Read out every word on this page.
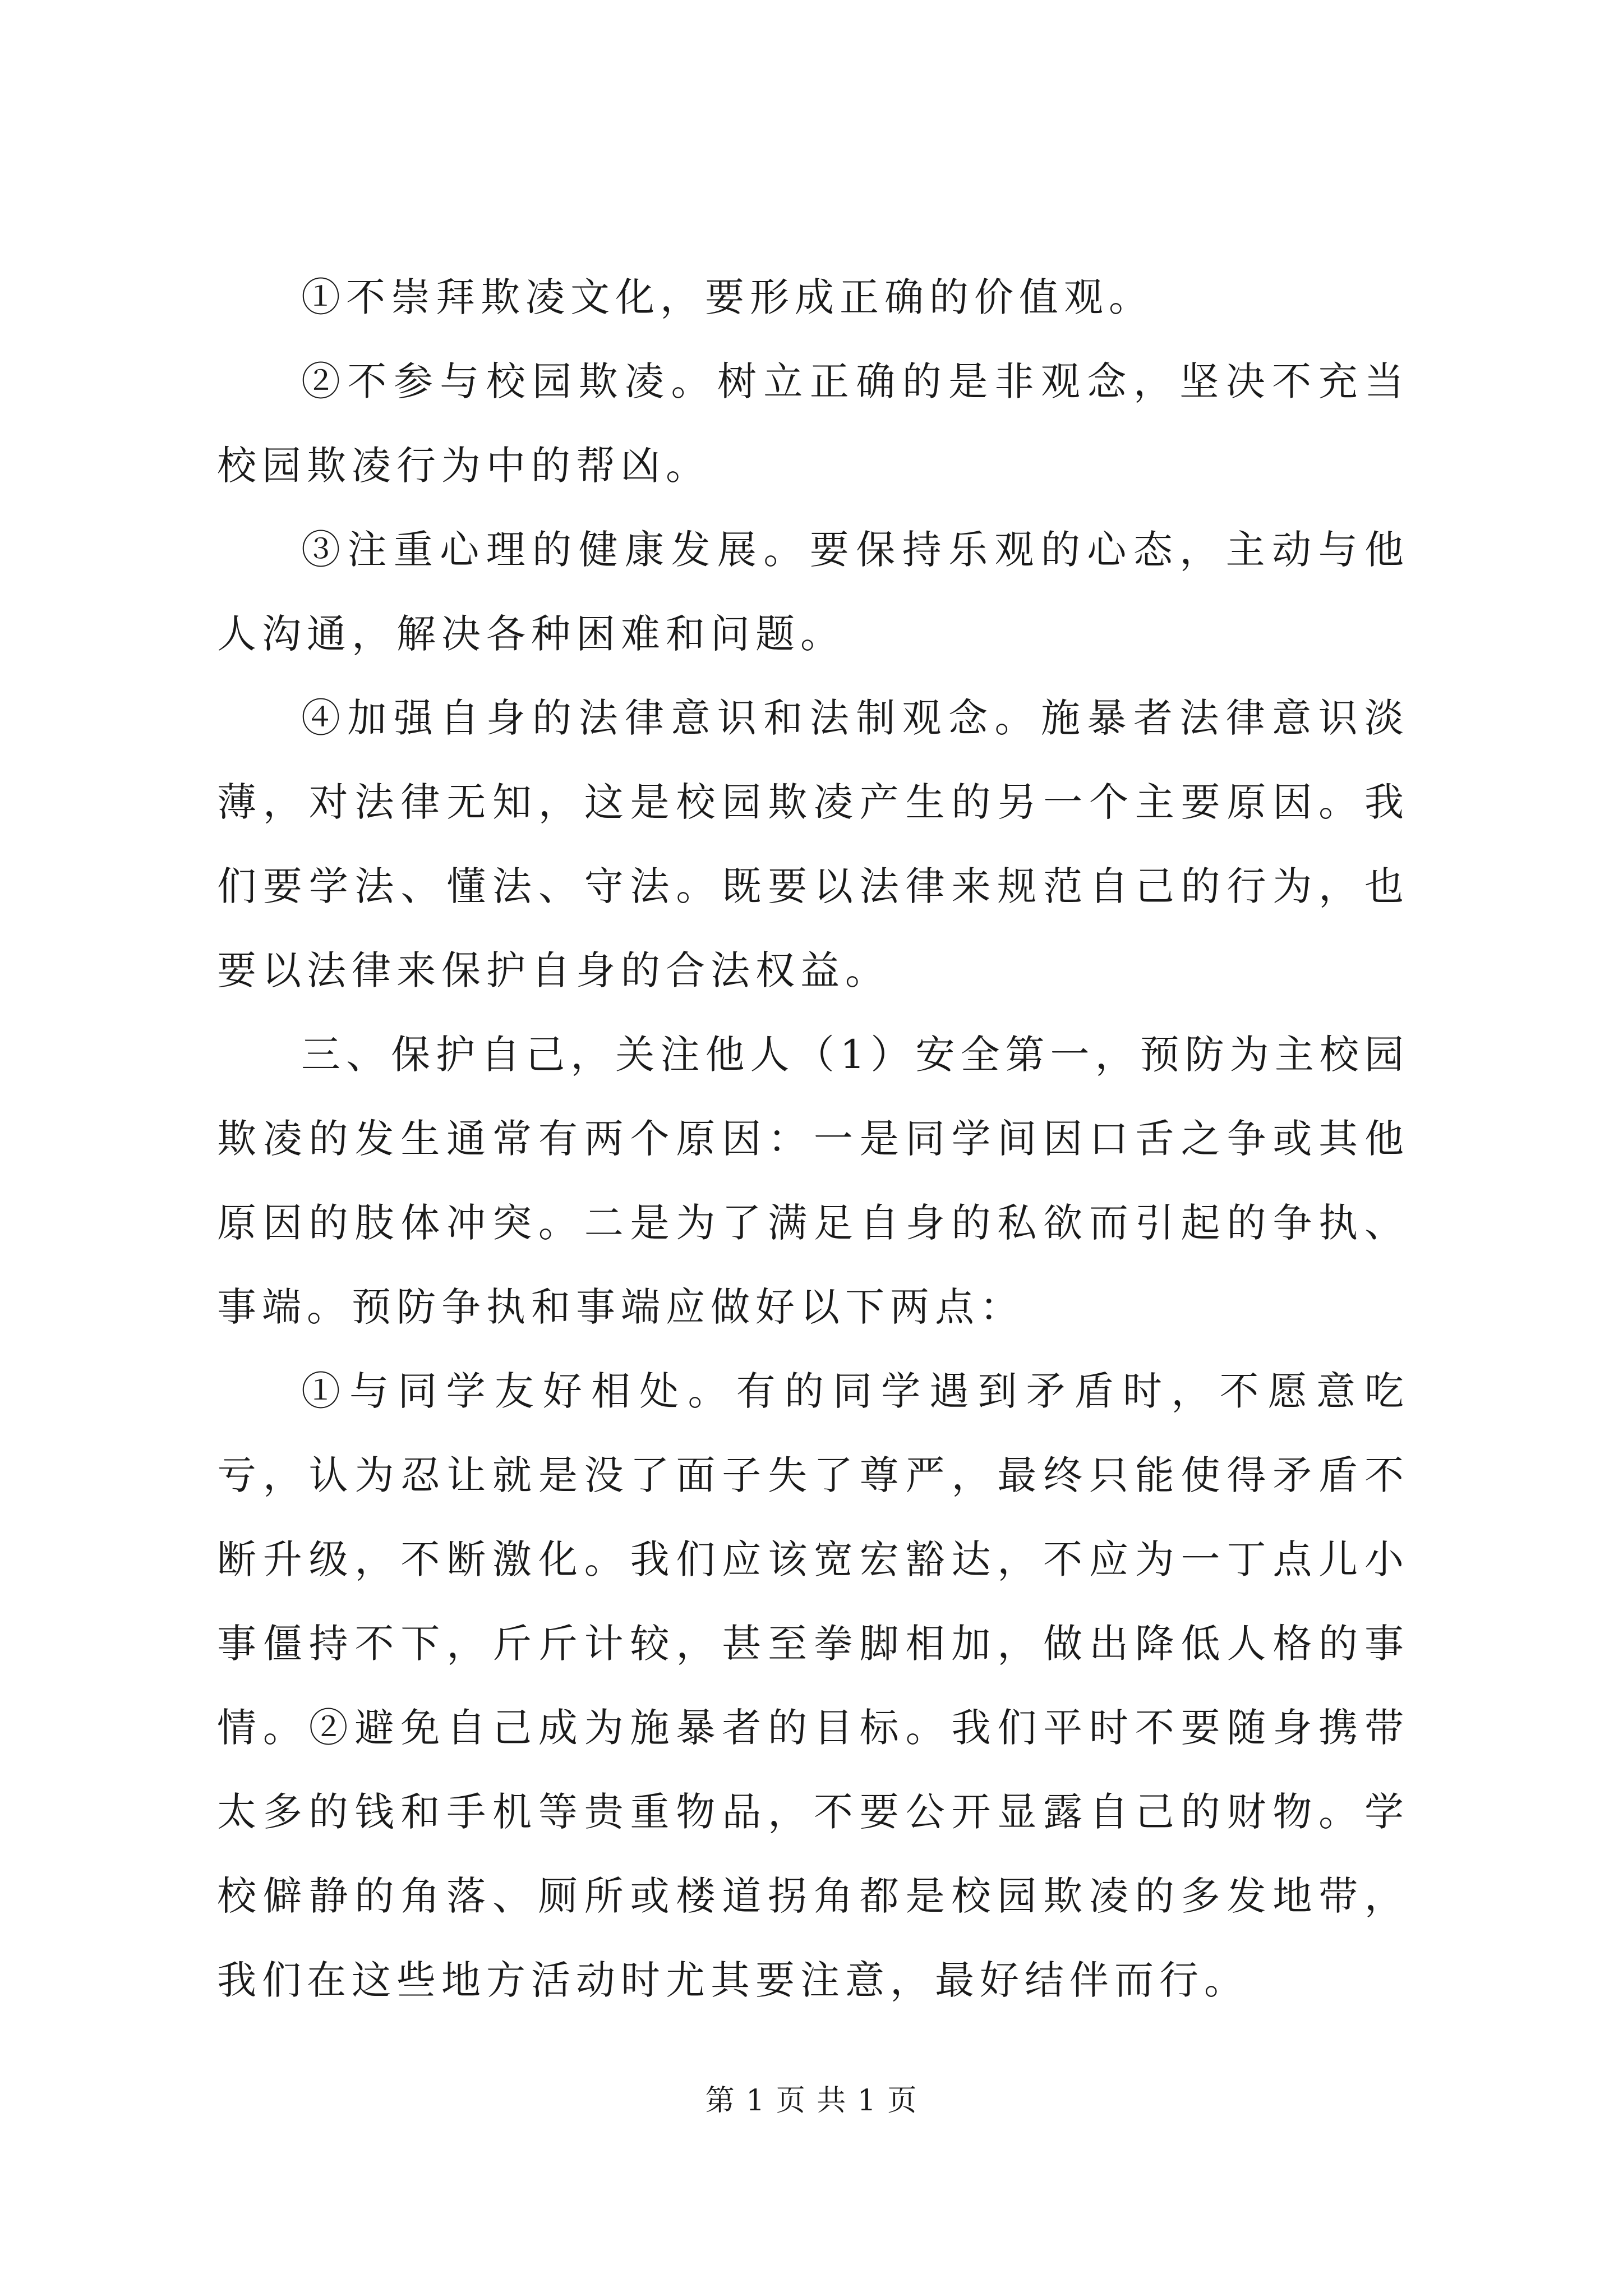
①不崇拜欺凌文化，要形成正确的价值观。

②不参与校园欺凌。树立正确的是非观念，坚决不充当校园欺凌行为中的帮凶。

③注重心理的健康发展。要保持乐观的心态，主动与他人沟通，解决各种困难和问题。

④加强自身的法律意识和法制观念。施暴者法律意识淡薄，对法律无知，这是校园欺凌产生的另一个主要原因。我们要学法、懂法、守法。既要以法律来规范自己的行为，也要以法律来保护自身的合法权益。

三、保护自己，关注他人（1）安全第一，预防为主校园欺凌的发生通常有两个原因：一是同学间因口舌之争或其他原因的肢体冲突。二是为了满足自身的私欲而引起的争执、事端。预防争执和事端应做好以下两点：

①与同学友好相处。有的同学遇到矛盾时，不愿意吃亏，认为忍让就是没了面子失了尊严，最终只能使得矛盾不断升级，不断激化。我们应该宽宏豁达，不应为一丁点儿小事僵持不下，斤斤计较，甚至拳脚相加，做出降低人格的事情。②避免自己成为施暴者的目标。我们平时不要随身携带太多的钱和手机等贵重物品，不要公开显露自己的财物。学校僻静的角落、厕所或楼道拐角都是校园欺凌的多发地带，我们在这些地方活动时尤其要注意，最好结伴而行。

第 1 页 共 1 页
